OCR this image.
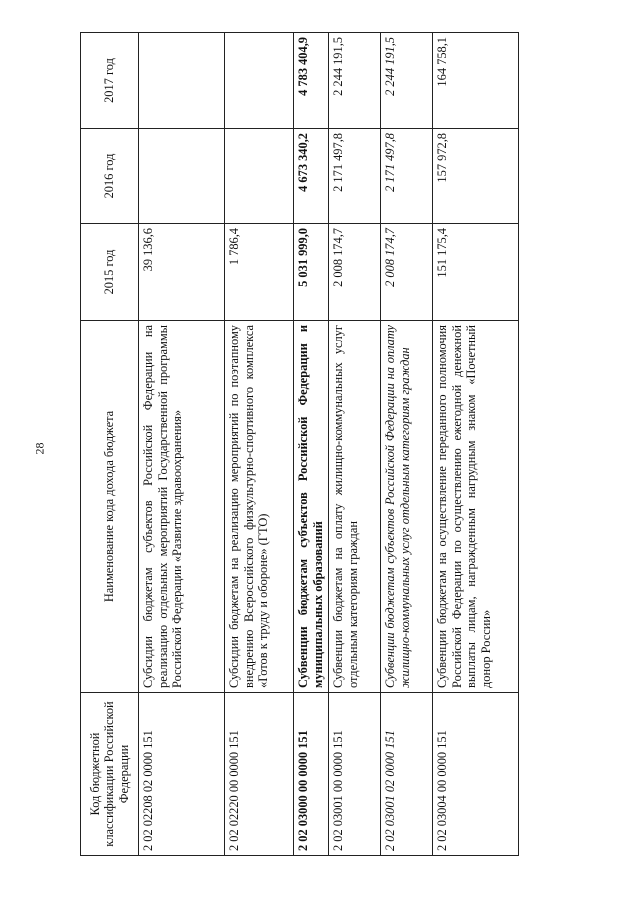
28
Код бюджетной классификации Российской Федерации	Наименование кода дохода бюджета	2015 год	2016 год	2017 год
2 02 02208 02 0000 151	Субсидии бюджетам субъектов Российской Федерации на реализацию отдельных мероприятий Государственной программы Российской Федерации «Развитие здравоохранения»	39 136,6		
2 02 02220 00 0000 151	Субсидии бюджетам на реализацию мероприятий по поэтапному внедрению Всероссийского физкультурно-спортивного комплекса «Готов к труду и обороне» (ГТО)	1 786,4		
2 02 03000 00 0000 151	Субвенции бюджетам субъектов Российской Федерации и муниципальных образований	5 031 999,0	4 673 340,2	4 783 404,9
2 02 03001 00 0000 151	Субвенции бюджетам на оплату жилищно-коммунальных услуг отдельным категориям граждан	2 008 174,7	2 171 497,8	2 244 191,5
2 02 03001 02 0000 151	Субвенции бюджетам субъектов Российской Федерации на оплату жилищно-коммунальных услуг отдельным категориям граждан	2 008 174,7	2 171 497,8	2 244 191,5
2 02 03004 00 0000 151	Субвенции бюджетам на осуществление переданного полномочия Российской Федерации по осуществлению ежегодной денежной выплаты лицам, награжденным нагрудным знаком «Почетный донор России»	151 175,4	157 972,8	164 758,1
